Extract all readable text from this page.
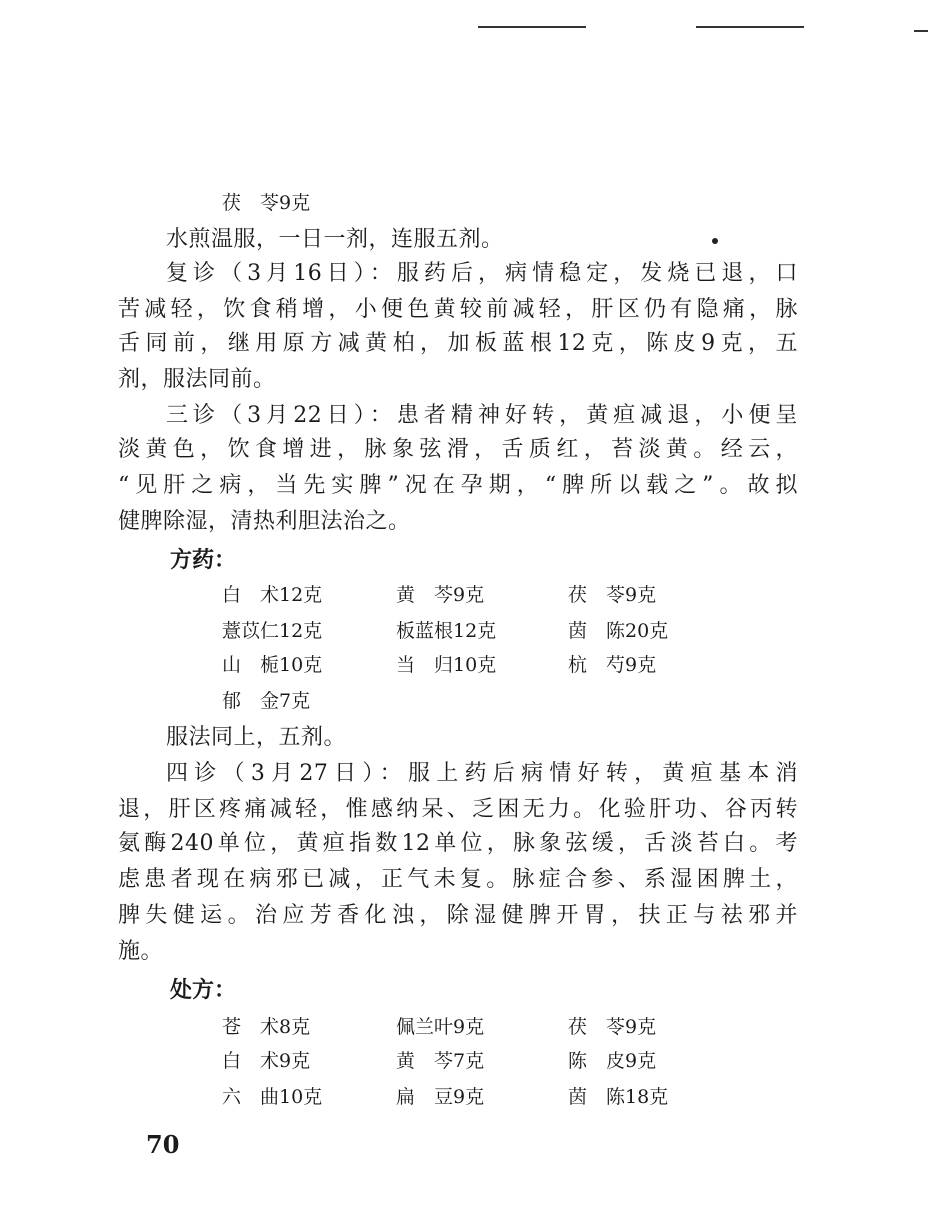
茯　苓9克
水煎温服，一日一剂，连服五剂。
复诊（3月16日）：服药后，病情稳定，发烧已退，口
苦减轻，饮食稍增，小便色黄较前减轻，肝区仍有隐痛，脉
舌同前，继用原方减黄柏，加板蓝根12克，陈皮9克，五
剂，服法同前。
三诊（3月22日）：患者精神好转，黄疸减退，小便呈
淡黄色，饮食增进，脉象弦滑，舌质红，苔淡黄。经云，
“见肝之病，当先实脾”况在孕期，“脾所以载之”。故拟
健脾除湿，清热利胆法治之。
方药：
白　术12克	黄　芩9克	茯　苓9克
薏苡仁12克	板蓝根12克	茵　陈20克
山　栀10克	当　归10克	杭　芍9克
郁　金7克
服法同上，五剂。
四诊（3月27日）：服上药后病情好转，黄疸基本消
退，肝区疼痛减轻，惟感纳呆、乏困无力。化验肝功、谷丙转
氨酶240单位，黄疸指数12单位，脉象弦缓，舌淡苔白。考
虑患者现在病邪已减，正气未复。脉症合参、系湿困脾土，
脾失健运。治应芳香化浊，除湿健脾开胃，扶正与祛邪并
施。
处方：
苍　术8克	佩兰叶9克	茯　苓9克
白　术9克	黄　芩7克	陈　皮9克
六　曲10克	扁　豆9克	茵　陈18克
70
